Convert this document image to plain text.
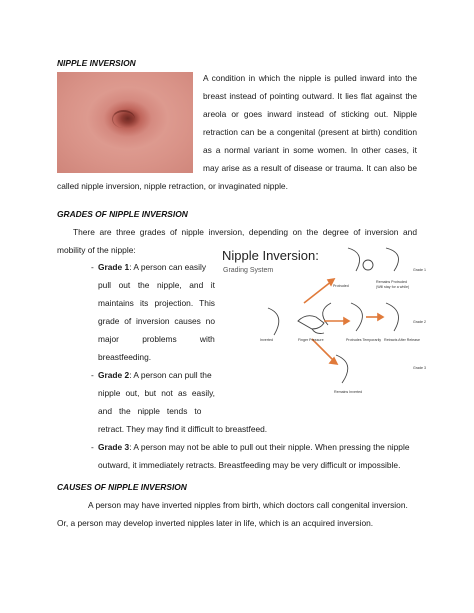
NIPPLE INVERSION

A condition in which the nipple is pulled inward into the

breast instead of pointing outward. It lies flat against the

areola or goes inward instead of sticking out. Nipple

retraction can be a congenital (present at birth) condition

as a normal variant in some women. In other cases, it

may arise as a result of disease or trauma. It can also be

called nipple inversion, nipple retraction, or invaginated nipple.

GRADES OF NIPPLE INVERSION

There are three grades of nipple inversion, depending on the degree of inversion and

mobility of the nipple:

- Grade 1: A person can easily

pull out the nipple, and it

maintains its projection. This

grade of inversion causes no

major          problems          with

breastfeeding.

- Grade 2: A person can pull the

nipple out, but not as easily,

and   the   nipple   tends   to

retract. They may find it difficult to breastfeed.

- Grade 3: A person may not be able to pull out their nipple. When pressing the nipple

outward, it immediately retracts. Breastfeeding may be very difficult or impossible.

Nipple Inversion:
Grading System
Protruded
Remains Protruded
(Will stay for a while)
Grade 1
Inverted	Finger Pressure	Protrudes Temporarily Retracts After Release
Grade 2
Remains Inverted
Grade 3

CAUSES OF NIPPLE INVERSION

A person may have inverted nipples from birth, which doctors call congenital inversion.

Or, a person may develop inverted nipples later in life, which is an acquired inversion.
